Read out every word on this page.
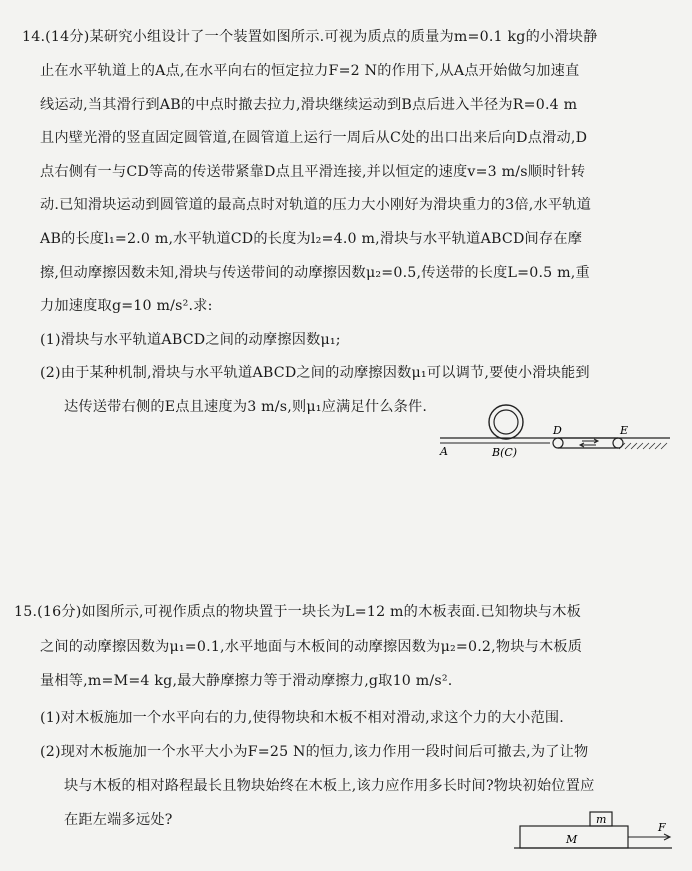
14.(14分)某研究小组设计了一个装置如图所示.可视为质点的质量为m=0.1 kg的小滑块静
止在水平轨道上的A点,在水平向右的恒定拉力F=2 N的作用下,从A点开始做匀加速直
线运动,当其滑行到AB的中点时撤去拉力,滑块继续运动到B点后进入半径为R=0.4 m
且内壁光滑的竖直固定圆管道,在圆管道上运行一周后从C处的出口出来后向D点滑动,D
点右侧有一与CD等高的传送带紧靠D点且平滑连接,并以恒定的速度v=3 m/s顺时针转
动.已知滑块运动到圆管道的最高点时对轨道的压力大小刚好为滑块重力的3倍,水平轨道
AB的长度l₁=2.0 m,水平轨道CD的长度为l₂=4.0 m,滑块与水平轨道ABCD间存在摩
擦,但动摩擦因数未知,滑块与传送带间的动摩擦因数μ₂=0.5,传送带的长度L=0.5 m,重
力加速度取g=10 m/s².求:
(1)滑块与水平轨道ABCD之间的动摩擦因数μ₁;
(2)由于某种机制,滑块与水平轨道ABCD之间的动摩擦因数μ₁可以调节,要使小滑块能到
达传送带右侧的E点且速度为3 m/s,则μ₁应满足什么条件.
A	B(C)
D	E
15.(16分)如图所示,可视作质点的物块置于一块长为L=12 m的木板表面.已知物块与木板
之间的动摩擦因数为μ₁=0.1,水平地面与木板间的动摩擦因数为μ₂=0.2,物块与木板质
量相等,m=M=4 kg,最大静摩擦力等于滑动摩擦力,g取10 m/s².
(1)对木板施加一个水平向右的力,使得物块和木板不相对滑动,求这个力的大小范围.
(2)现对木板施加一个水平大小为F=25 N的恒力,该力作用一段时间后可撤去,为了让物
块与木板的相对路程最长且物块始终在木板上,该力应作用多长时间?物块初始位置应
在距左端多远处?	m
M
F
